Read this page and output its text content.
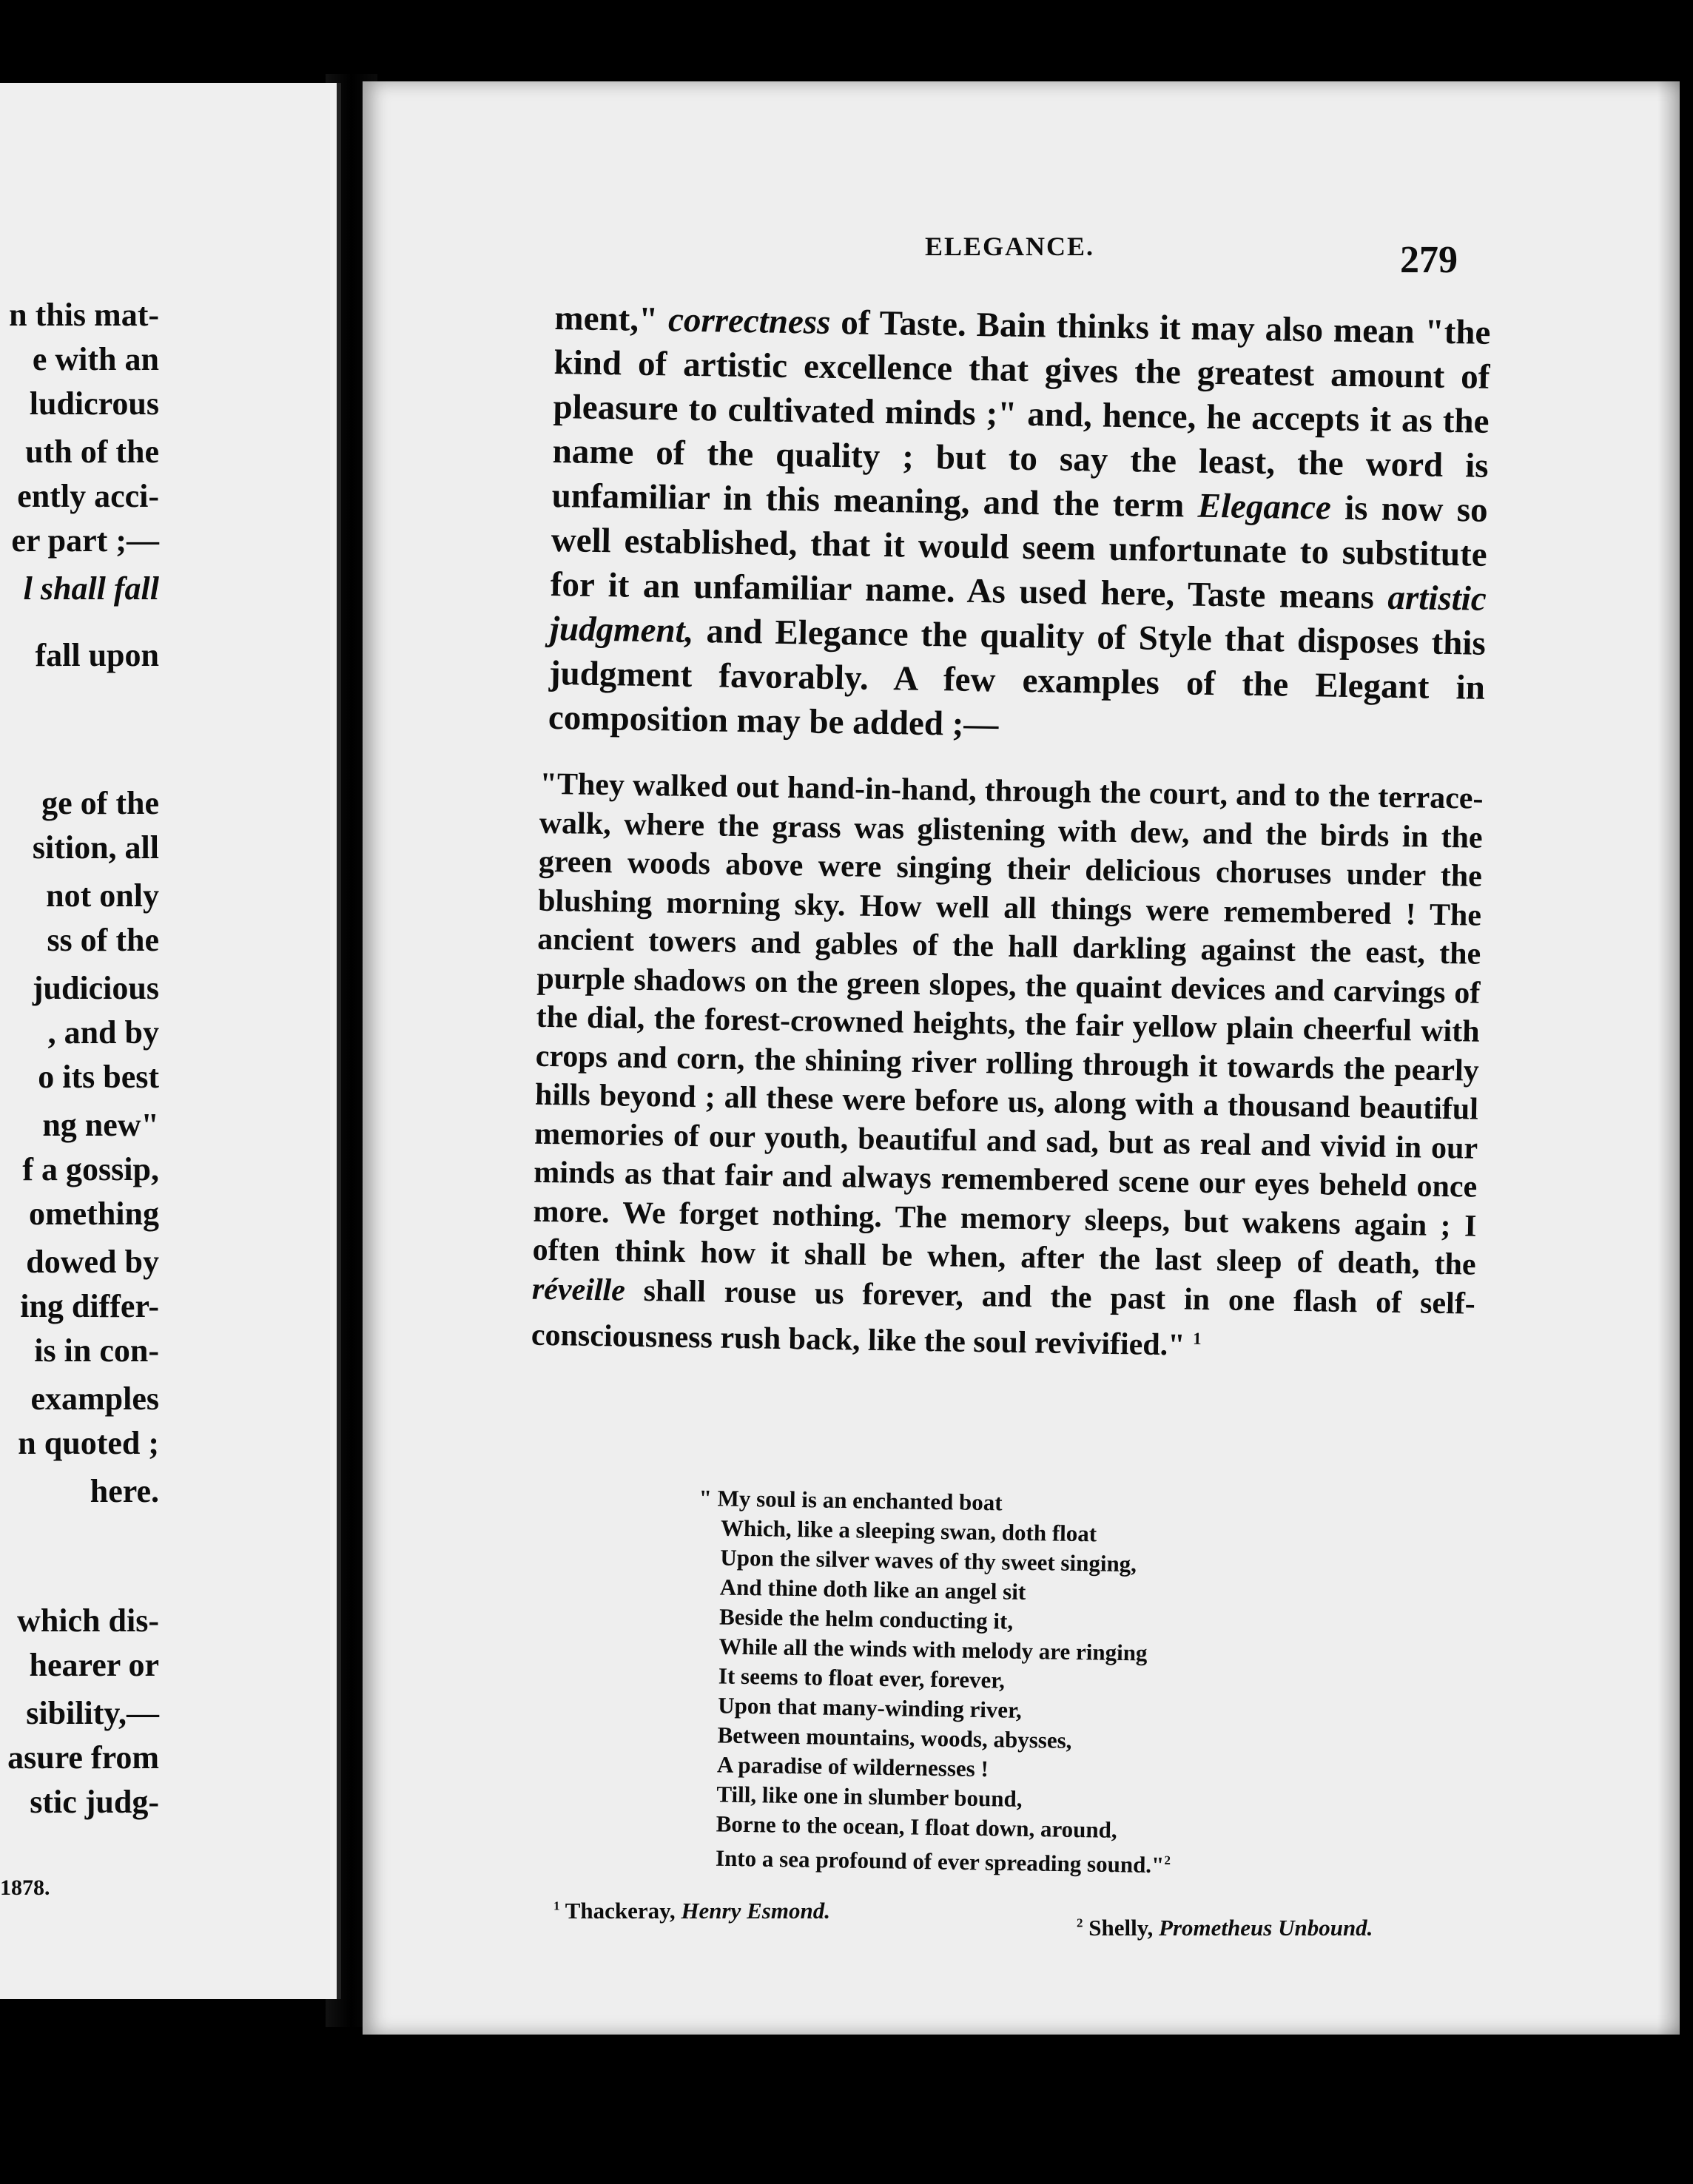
n this mat-
e with an
ludicrous
uth of the
ently acci-
er part ;—
l shall fall
fall upon
ge of the
sition, all
not only
ss of the
judicious
, and by
o its best
ng new"
f a gossip,
omething
dowed by
ing differ-
is in con-
examples
n quoted ;
here.
which dis-
hearer or
sibility,—
asure from
stic judg-
1878.
ELEGANCE.	279

ment," correctness of Taste. Bain thinks it may also mean "the kind of artistic excellence that gives the greatest amount of pleasure to cultivated minds ;" and, hence, he accepts it as the name of the quality ; but to say the least, the word is unfamiliar in this meaning, and the term Elegance is now so well established, that it would seem unfortunate to substitute for it an unfamiliar name. As used here, Taste means artistic judgment, and Elegance the quality of Style that disposes this judgment favorably. A few examples of the Elegant in composition may be added ;—

"They walked out hand-in-hand, through the court, and to the terrace-walk, where the grass was glistening with dew, and the birds in the green woods above were singing their delicious choruses under the blushing morning sky. How well all things were remembered ! The ancient towers and gables of the hall darkling against the east, the purple shadows on the green slopes, the quaint devices and carvings of the dial, the forest-crowned heights, the fair yellow plain cheerful with crops and corn, the shining river rolling through it towards the pearly hills beyond ; all these were before us, along with a thousand beautiful memories of our youth, beautiful and sad, but as real and vivid in our minds as that fair and always remembered scene our eyes beheld once more. We forget nothing. The memory sleeps, but wakens again ; I often think how it shall be when, after the last sleep of death, the réveille shall rouse us forever, and the past in one flash of self-consciousness rush back, like the soul revivified." $^1$

" My soul is an enchanted boat
Which, like a sleeping swan, doth float
Upon the silver waves of thy sweet singing,
And thine doth like an angel sit
Beside the helm conducting it,
While all the winds with melody are ringing
It seems to float ever, forever,
Upon that many-winding river,
Between mountains, woods, abysses,
A paradise of wildernesses !
Till, like one in slumber bound,
Borne to the ocean, I float down, around,
Into a sea profound of ever spreading sound."$^2$
$^1$ Thackeray, Henry Esmond.	$^2$ Shelly, Prometheus Unbound.
